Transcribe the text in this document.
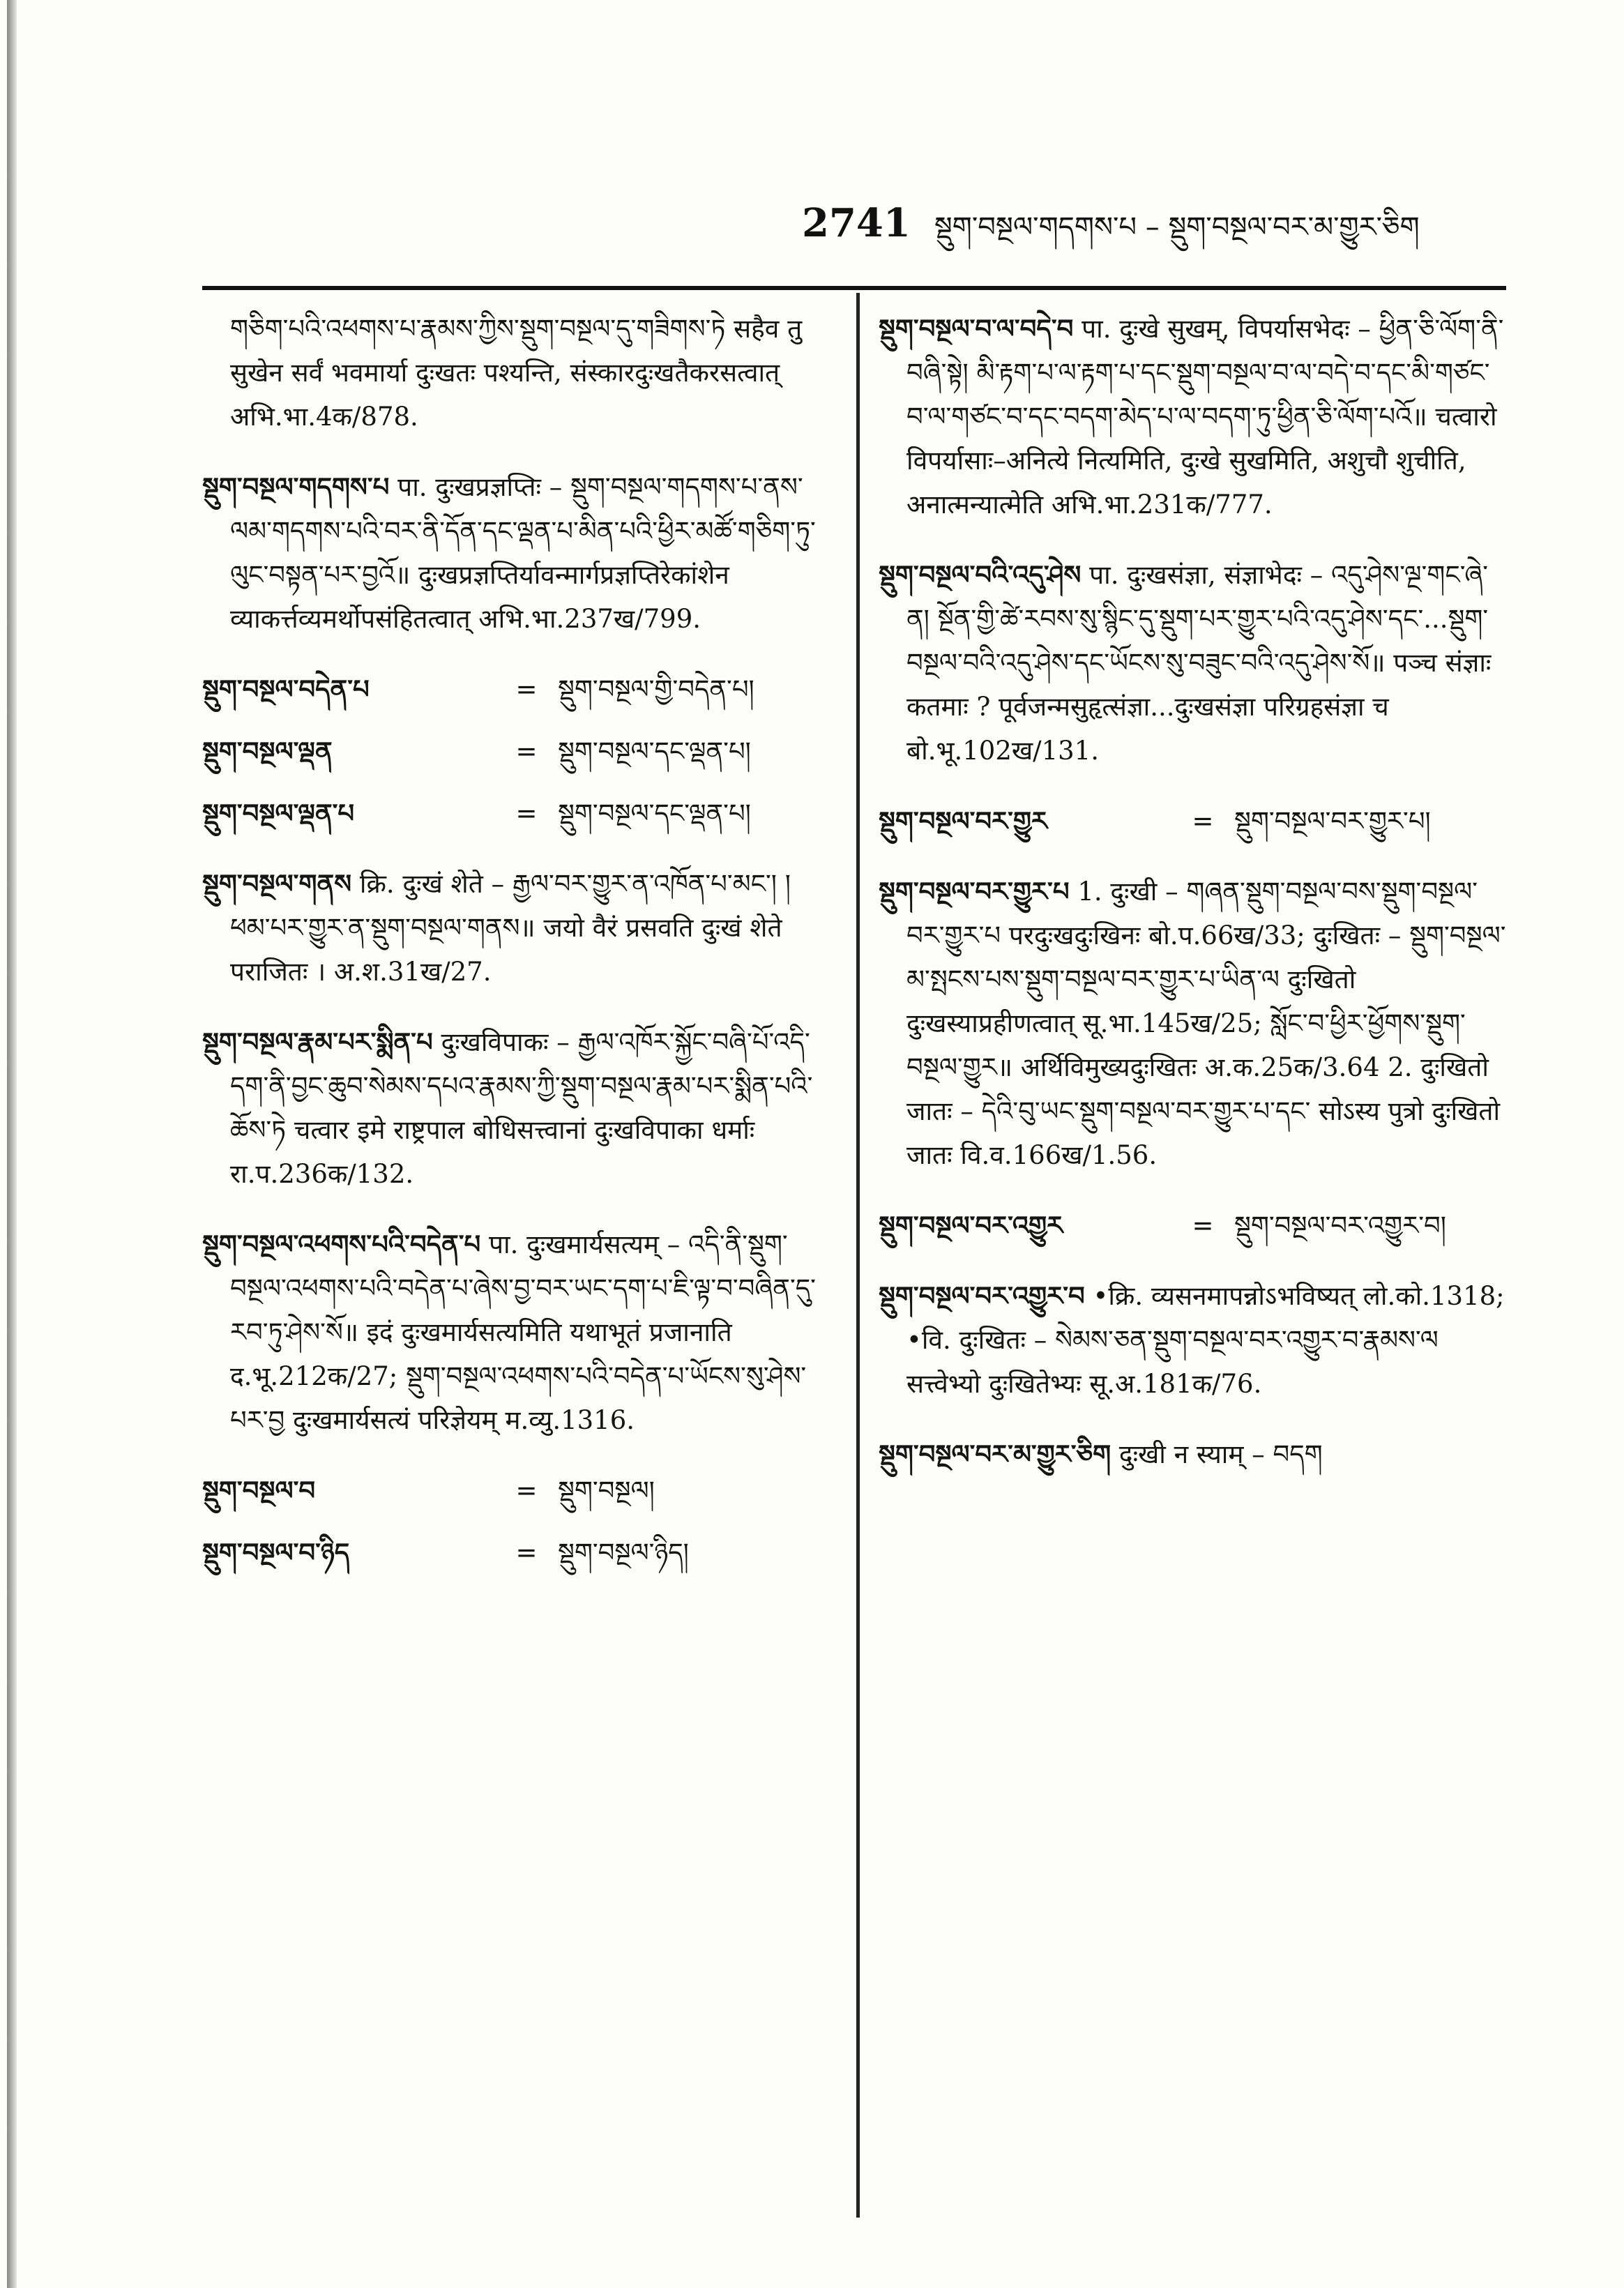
2741 སྡུག་བསྔལ་གདགས་པ – སྡུག་བསྔལ་བར་མ་གྱུར་ཅིག

གཅིག་པའི་འཕགས་པ་རྣམས་ཀྱིས་སྡུག་བསྔལ་དུ་གཟིགས་ཏེ सहैव तु सुखेन सर्वं भवमार्या दुःखतः पश्यन्ति, संस्कारदुःखतैकरसत्वात् अभि.भा.4क/878.

སྡུག་བསྔལ་གདགས་པ पा. दुःखप्रज्ञप्तिः – སྡུག་བསྔལ་གདགས་པ་ནས་ལམ་གདགས་པའི་བར་ནི་དོན་དང་ལྡན་པ་མིན་པའི་ཕྱིར་མཚོ་གཅིག་ཏུ་ལུང་བསྟན་པར་བྱའོ॥ दुःखप्रज्ञप्तिर्यावन्मार्गप्रज्ञप्तिरेकांशेन व्याकर्त्तव्यमर्थोपसंहितत्वात् अभि.भा.237ख/799.

སྡུག་བསྔལ་བདེན་པ	= སྡུག་བསྔལ་གྱི་བདེན་པ།
སྡུག་བསྔལ་ལྡན	= སྡུག་བསྔལ་དང་ལྡན་པ།
སྡུག་བསྔལ་ལྡན་པ	= སྡུག་བསྔལ་དང་ལྡན་པ།

སྡུག་བསྔལ་གནས क्रि. दुःखं शेते – རྒྱལ་བར་གྱུར་ན་འཁོན་པ་མང་། །ཕམ་པར་གྱུར་ན་སྡུག་བསྔལ་གནས॥ जयो वैरं प्रसवति दुःखं शेते पराजितः । अ.श.31ख/27.

སྡུག་བསྔལ་རྣམ་པར་སྨིན་པ दुःखविपाकः – རྒྱལ་འཁོར་སྐྱོང་བཞི་པོ་འདི་དག་ནི་བྱང་ཆུབ་སེམས་དཔའ་རྣམས་ཀྱི་སྡུག་བསྔལ་རྣམ་པར་སྨིན་པའི་ཆོས་ཏེ चत्वार इमे राष्ट्रपाल बोधिसत्त्वानां दुःखविपाका धर्माः रा.प.236क/132.

སྡུག་བསྔལ་འཕགས་པའི་བདེན་པ पा. दुःखमार्यसत्यम् – འདི་ནི་སྡུག་བསྔལ་འཕགས་པའི་བདེན་པ་ཞེས་བྱ་བར་ཡང་དག་པ་ཇི་ལྟ་བ་བཞིན་དུ་རབ་ཏུ་ཤེས་སོ॥ इदं दुःखमार्यसत्यमिति यथाभूतं प्रजानाति द.भू.212क/27; སྡུག་བསྔལ་འཕགས་པའི་བདེན་པ་ཡོངས་སུ་ཤེས་པར་བྱ दुःखमार्यसत्यं परिज्ञेयम् म.व्यु.1316.

སྡུག་བསྔལ་བ	= སྡུག་བསྔལ།
སྡུག་བསྔལ་བ་ཉིད	= སྡུག་བསྔལ་ཉིད།

སྡུག་བསྔལ་བ་ལ་བདེ་བ पा. दुःखे सुखम्, विपर्यासभेदः – ཕྱིན་ཅི་ལོག་ནི་བཞི་སྟེ། མི་རྟག་པ་ལ་རྟག་པ་དང་སྡུག་བསྔལ་བ་ལ་བདེ་བ་དང་མི་གཙང་བ་ལ་གཙང་བ་དང་བདག་མེད་པ་ལ་བདག་ཏུ་ཕྱིན་ཅི་ལོག་པའོ॥ चत्वारो विपर्यासाः–अनित्ये नित्यमिति, दुःखे सुखमिति, अशुचौ शुचीति, अनात्मन्यात्मेति अभि.भा.231क/777.

སྡུག་བསྔལ་བའི་འདུ་ཤེས पा. दुःखसंज्ञा, संज्ञाभेदः – འདུ་ཤེས་ལྔ་གང་ཞེ་ན། སྔོན་གྱི་ཚེ་རབས་སུ་སྙིང་དུ་སྡུག་པར་གྱུར་པའི་འདུ་ཤེས་དང་...སྡུག་བསྔལ་བའི་འདུ་ཤེས་དང་ཡོངས་སུ་བཟུང་བའི་འདུ་ཤེས་སོ॥ पञ्च संज्ञाः कतमाः ? पूर्वजन्मसुहृत्संज्ञा...दुःखसंज्ञा परिग्रहसंज्ञा च बो.भू.102ख/131.

སྡུག་བསྔལ་བར་གྱུར	= སྡུག་བསྔལ་བར་གྱུར་པ།

སྡུག་བསྔལ་བར་གྱུར་པ 1. दुःखी – གཞན་སྡུག་བསྔལ་བས་སྡུག་བསྔལ་བར་གྱུར་པ परदुःखदुःखिनः बो.प.66ख/33; दुःखितः – སྡུག་བསྔལ་མ་སྤངས་པས་སྡུག་བསྔལ་བར་གྱུར་པ་ཡིན་ལ दुःखितो दुःखस्याप्रहीणत्वात् सू.भा.145ख/25; སློང་བ་ཕྱིར་ཕྱོགས་སྡུག་བསྔལ་གྱུར॥ अर्थिविमुख्यदुःखितः अ.क.25क/3.64 2. दुःखितो जातः – དེའི་བུ་ཡང་སྡུག་བསྔལ་བར་གྱུར་པ་དང་ सोऽस्य पुत्रो दुःखितो जातः वि.व.166ख/1.56.

སྡུག་བསྔལ་བར་འགྱུར	= སྡུག་བསྔལ་བར་འགྱུར་བ།

སྡུག་བསྔལ་བར་འགྱུར་བ •क्रि. व्यसनमापन्नोऽभविष्यत् लो.को.1318; •वि. दुःखितः – སེམས་ཅན་སྡུག་བསྔལ་བར་འགྱུར་བ་རྣམས་ལ सत्त्वेभ्यो दुःखितेभ्यः सू.अ.181क/76.

སྡུག་བསྔལ་བར་མ་གྱུར་ཅིག दुःखी न स्याम् – བདག
